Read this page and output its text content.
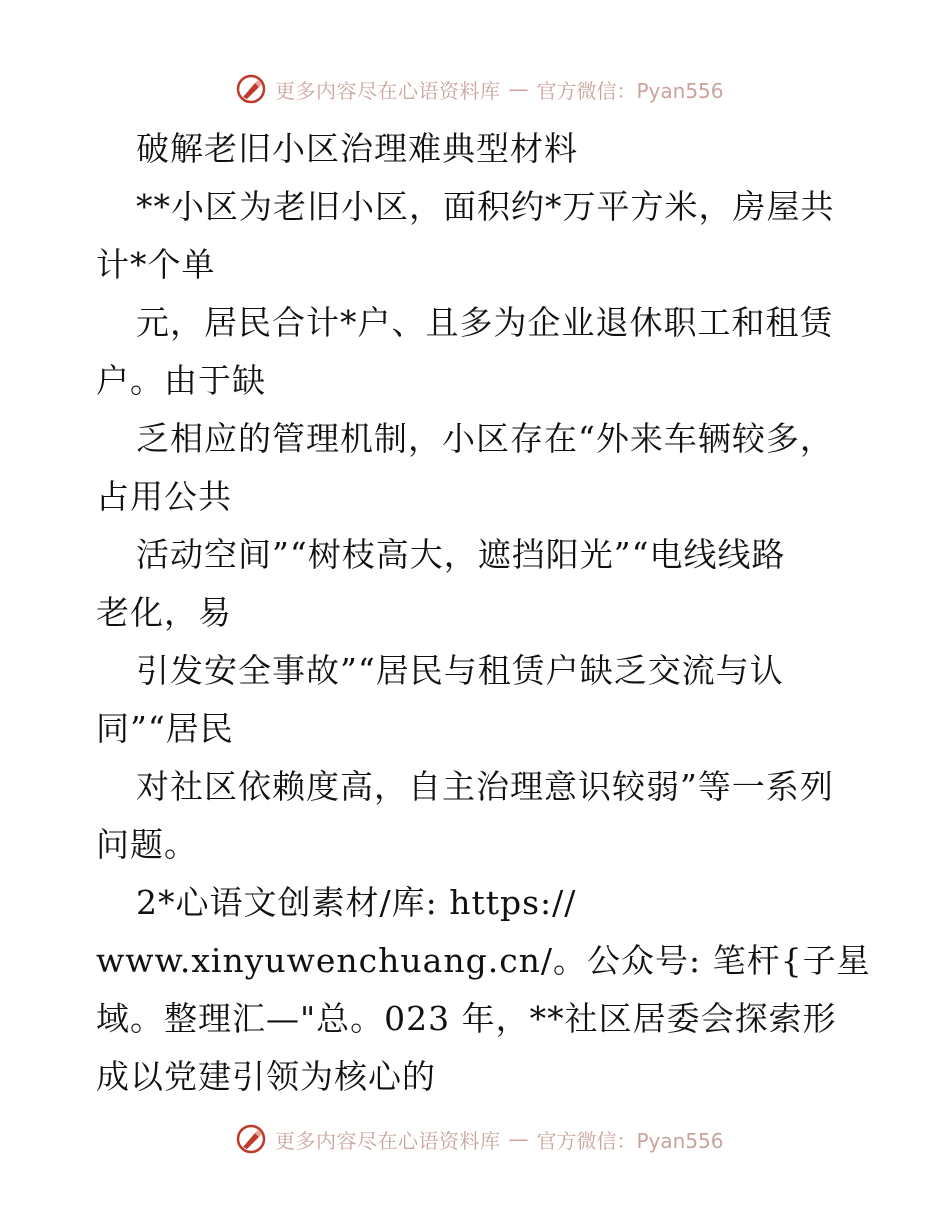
更多内容尽在心语资料库 — 官方微信：Pyan556
破解老旧小区治理难典型材料
**小区为老旧小区，面积约*万平方米，房屋共
计*个单
元，居民合计*户、且多为企业退休职工和租赁
户。由于缺
乏相应的管理机制，小区存在“外来车辆较多，
占用公共
活动空间”“树枝高大，遮挡阳光”“电线线路
老化，易
引发安全事故”“居民与租赁户缺乏交流与认
同”“居民
对社区依赖度高，自主治理意识较弱”等一系列
问题。
2*心语文创素材/库: https://
www.xinyuwenchuang.cn/。公众号: 笔杆{子星
域。整理汇—"总。023 年，**社区居委会探索形
成以党建引领为核心的
更多内容尽在心语资料库 — 官方微信：Pyan556
